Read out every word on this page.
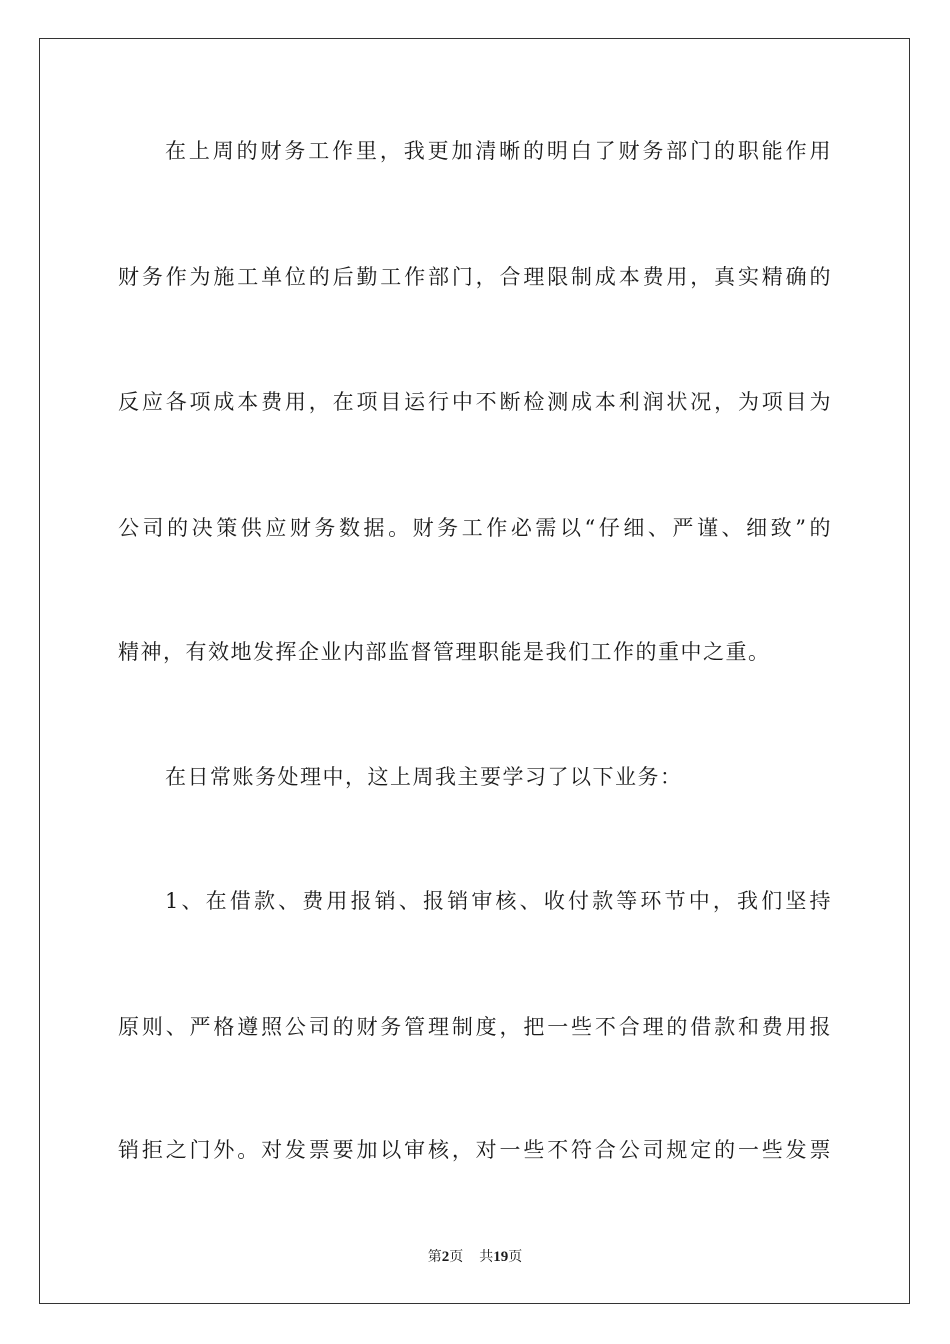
在上周的财务工作里，我更加清晰的明白了财务部门的职能作用
财务作为施工单位的后勤工作部门，合理限制成本费用，真实精确的
反应各项成本费用，在项目运行中不断检测成本利润状况，为项目为
公司的决策供应财务数据。财务工作必需以“仔细、严谨、细致”的
精神，有效地发挥企业内部监督管理职能是我们工作的重中之重。
在日常账务处理中，这上周我主要学习了以下业务：
1、在借款、费用报销、报销审核、收付款等环节中，我们坚持
原则、严格遵照公司的财务管理制度，把一些不合理的借款和费用报
销拒之门外。对发票要加以审核，对一些不符合公司规定的一些发票
第2页 共19页
